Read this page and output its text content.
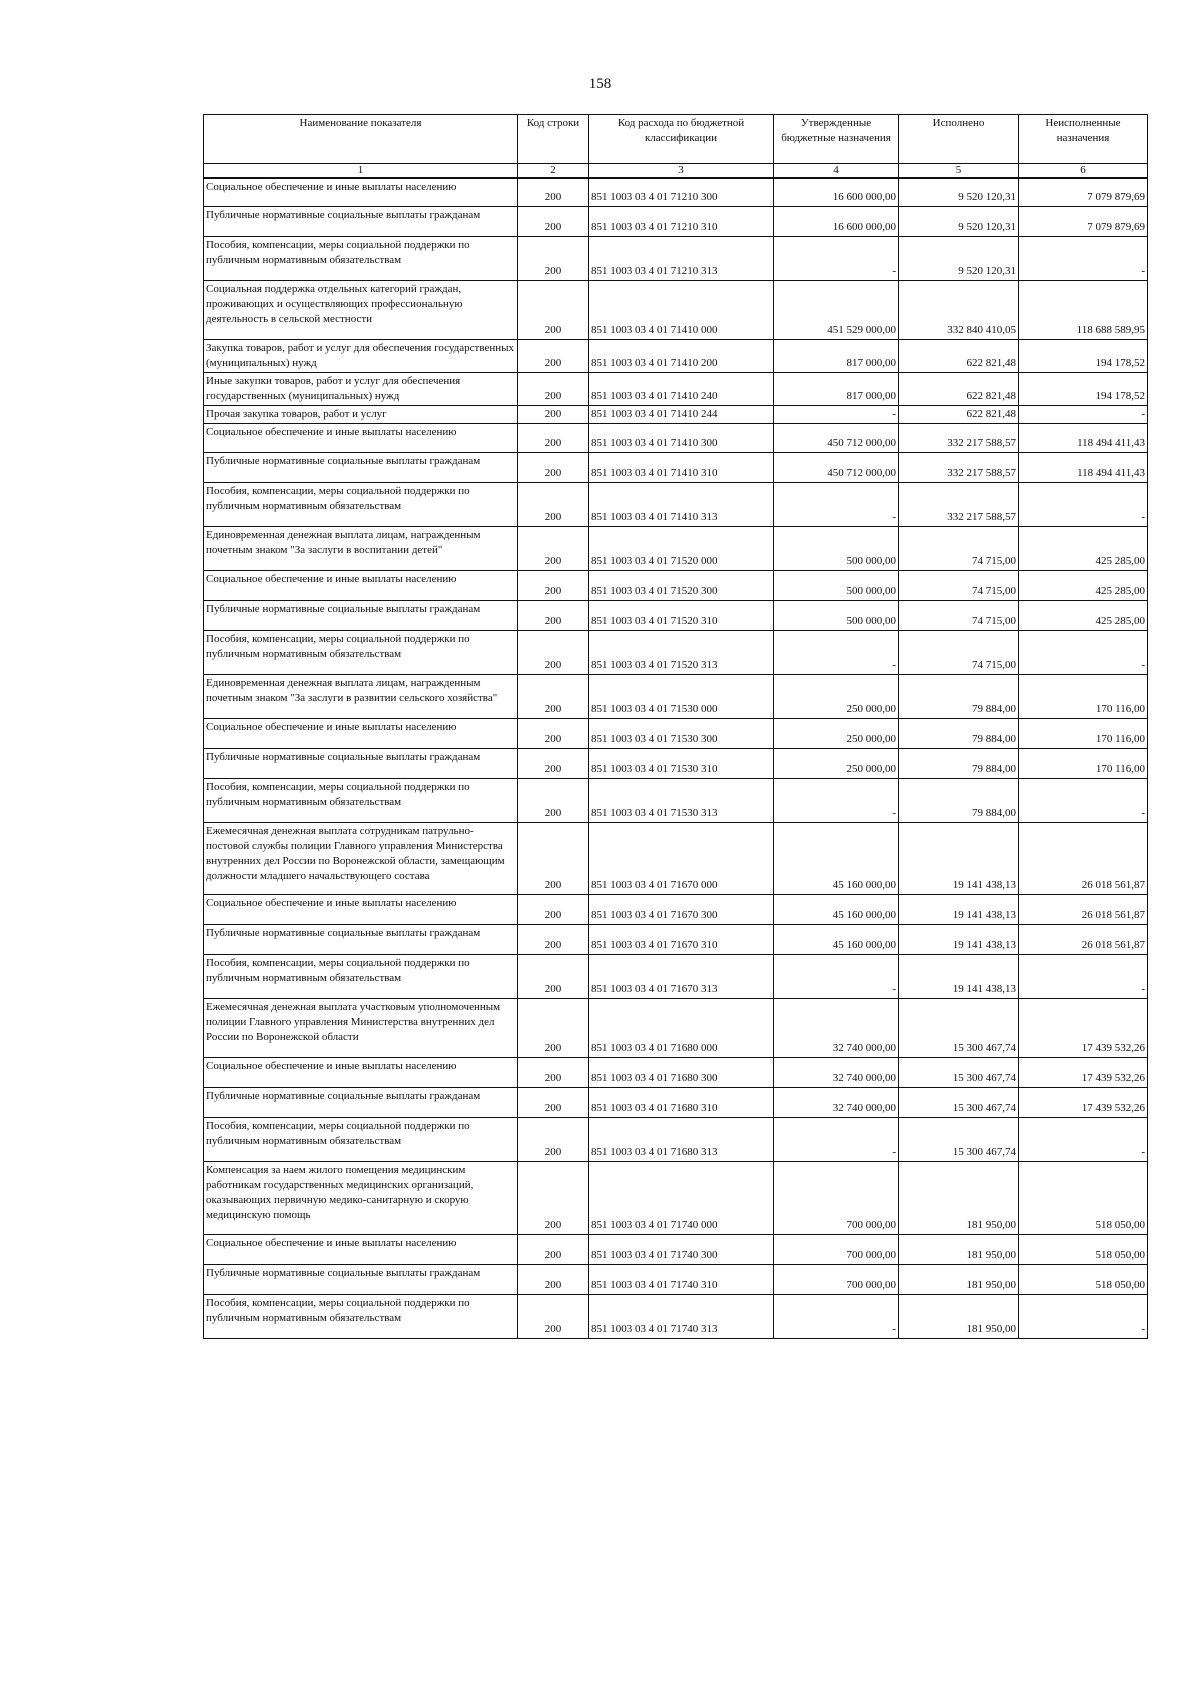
158
Наименование показателя	Код строки	Код расхода по бюджетной классификации	Утвержденные бюджетные назначения	Исполнено	Неисполненные назначения
1	2	3	4	5	6
Социальное обеспечение и иные выплаты населению	200	851 1003 03 4 01 71210 300	16 600 000,00	9 520 120,31	7 079 879,69
Публичные нормативные социальные выплаты гражданам	200	851 1003 03 4 01 71210 310	16 600 000,00	9 520 120,31	7 079 879,69
Пособия, компенсации, меры социальной поддержки по публичным нормативным обязательствам	200	851 1003 03 4 01 71210 313	-	9 520 120,31	-
Социальная поддержка отдельных категорий граждан, проживающих и осуществляющих профессиональную деятельность в сельской местности	200	851 1003 03 4 01 71410 000	451 529 000,00	332 840 410,05	118 688 589,95
Закупка товаров, работ и услуг для обеспечения государственных (муниципальных) нужд	200	851 1003 03 4 01 71410 200	817 000,00	622 821,48	194 178,52
Иные закупки товаров, работ и услуг для обеспечения государственных (муниципальных) нужд	200	851 1003 03 4 01 71410 240	817 000,00	622 821,48	194 178,52
Прочая закупка товаров, работ и услуг	200	851 1003 03 4 01 71410 244	-	622 821,48	-
Социальное обеспечение и иные выплаты населению	200	851 1003 03 4 01 71410 300	450 712 000,00	332 217 588,57	118 494 411,43
Публичные нормативные социальные выплаты гражданам	200	851 1003 03 4 01 71410 310	450 712 000,00	332 217 588,57	118 494 411,43
Пособия, компенсации, меры социальной поддержки по публичным нормативным обязательствам	200	851 1003 03 4 01 71410 313	-	332 217 588,57	-
Единовременная денежная выплата лицам, награжденным почетным знаком "За заслуги в воспитании детей"	200	851 1003 03 4 01 71520 000	500 000,00	74 715,00	425 285,00
Социальное обеспечение и иные выплаты населению	200	851 1003 03 4 01 71520 300	500 000,00	74 715,00	425 285,00
Публичные нормативные социальные выплаты гражданам	200	851 1003 03 4 01 71520 310	500 000,00	74 715,00	425 285,00
Пособия, компенсации, меры социальной поддержки по публичным нормативным обязательствам	200	851 1003 03 4 01 71520 313	-	74 715,00	-
Единовременная денежная выплата лицам, награжденным почетным знаком "За заслуги в развитии сельского хозяйства"	200	851 1003 03 4 01 71530 000	250 000,00	79 884,00	170 116,00
Социальное обеспечение и иные выплаты населению	200	851 1003 03 4 01 71530 300	250 000,00	79 884,00	170 116,00
Публичные нормативные социальные выплаты гражданам	200	851 1003 03 4 01 71530 310	250 000,00	79 884,00	170 116,00
Пособия, компенсации, меры социальной поддержки по публичным нормативным обязательствам	200	851 1003 03 4 01 71530 313	-	79 884,00	-
Ежемесячная денежная выплата сотрудникам патрульно-постовой службы полиции Главного управления Министерства внутренних дел России по Воронежской области, замещающим должности младшего начальствующего состава	200	851 1003 03 4 01 71670 000	45 160 000,00	19 141 438,13	26 018 561,87
Социальное обеспечение и иные выплаты населению	200	851 1003 03 4 01 71670 300	45 160 000,00	19 141 438,13	26 018 561,87
Публичные нормативные социальные выплаты гражданам	200	851 1003 03 4 01 71670 310	45 160 000,00	19 141 438,13	26 018 561,87
Пособия, компенсации, меры социальной поддержки по публичным нормативным обязательствам	200	851 1003 03 4 01 71670 313	-	19 141 438,13	-
Ежемесячная денежная выплата участковым уполномоченным полиции Главного управления Министерства внутренних дел России по Воронежской области	200	851 1003 03 4 01 71680 000	32 740 000,00	15 300 467,74	17 439 532,26
Социальное обеспечение и иные выплаты населению	200	851 1003 03 4 01 71680 300	32 740 000,00	15 300 467,74	17 439 532,26
Публичные нормативные социальные выплаты гражданам	200	851 1003 03 4 01 71680 310	32 740 000,00	15 300 467,74	17 439 532,26
Пособия, компенсации, меры социальной поддержки по публичным нормативным обязательствам	200	851 1003 03 4 01 71680 313	-	15 300 467,74	-
Компенсация за наем жилого помещения медицинским работникам государственных медицинских организаций, оказывающих первичную медико-санитарную и скорую медицинскую помощь	200	851 1003 03 4 01 71740 000	700 000,00	181 950,00	518 050,00
Социальное обеспечение и иные выплаты населению	200	851 1003 03 4 01 71740 300	700 000,00	181 950,00	518 050,00
Публичные нормативные социальные выплаты гражданам	200	851 1003 03 4 01 71740 310	700 000,00	181 950,00	518 050,00
Пособия, компенсации, меры социальной поддержки по публичным нормативным обязательствам	200	851 1003 03 4 01 71740 313	-	181 950,00	-
